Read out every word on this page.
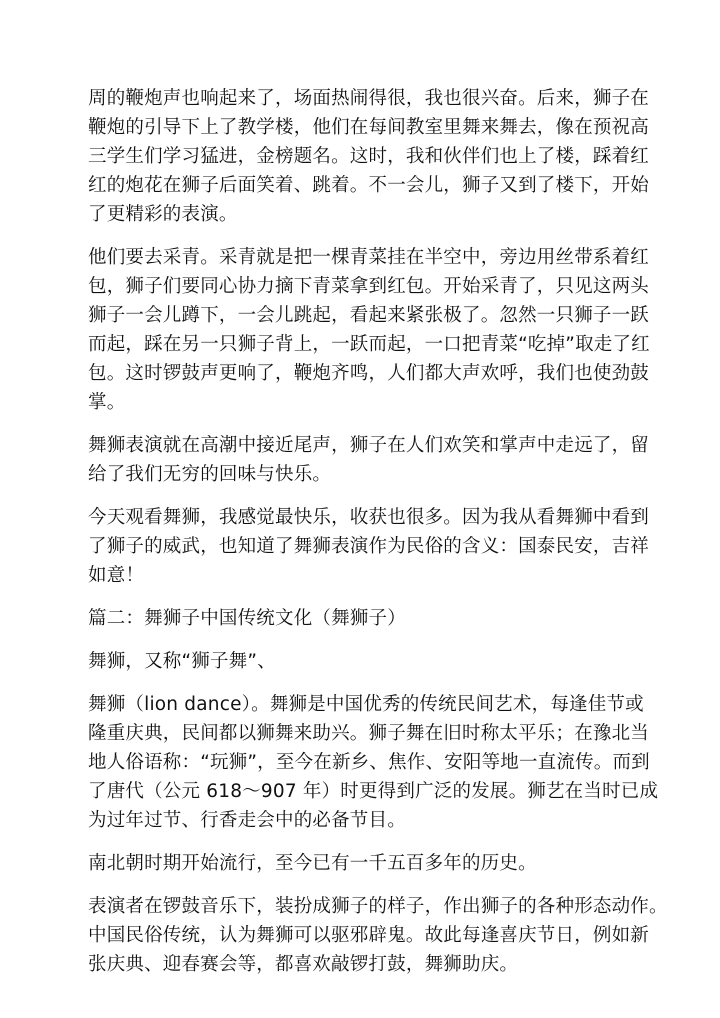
周的鞭炮声也响起来了，场面热闹得很，我也很兴奋。后来，狮子在
鞭炮的引导下上了教学楼，他们在每间教室里舞来舞去，像在预祝高
三学生们学习猛进，金榜题名。这时，我和伙伴们也上了楼，踩着红
红的炮花在狮子后面笑着、跳着。不一会儿，狮子又到了楼下，开始
了更精彩的表演。
他们要去采青。采青就是把一棵青菜挂在半空中，旁边用丝带系着红
包，狮子们要同心协力摘下青菜拿到红包。开始采青了，只见这两头
狮子一会儿蹲下，一会儿跳起，看起来紧张极了。忽然一只狮子一跃
而起，踩在另一只狮子背上，一跃而起，一口把青菜“吃掉”取走了红
包。这时锣鼓声更响了，鞭炮齐鸣，人们都大声欢呼，我们也使劲鼓
掌。
舞狮表演就在高潮中接近尾声，狮子在人们欢笑和掌声中走远了，留
给了我们无穷的回味与快乐。
今天观看舞狮，我感觉最快乐，收获也很多。因为我从看舞狮中看到
了狮子的威武，也知道了舞狮表演作为民俗的含义：国泰民安，吉祥
如意！
篇二：舞狮子中国传统文化（舞狮子）
舞狮，又称“狮子舞”、
舞狮（lion dance）。舞狮是中国优秀的传统民间艺术，每逢佳节或
隆重庆典，民间都以狮舞来助兴。狮子舞在旧时称太平乐；在豫北当
地人俗语称：“玩狮”，至今在新乡、焦作、安阳等地一直流传。而到
了唐代（公元 618～907 年）时更得到广泛的发展。狮艺在当时已成
为过年过节、行香走会中的必备节目。
南北朝时期开始流行，至今已有一千五百多年的历史。
表演者在锣鼓音乐下，装扮成狮子的样子，作出狮子的各种形态动作。
中国民俗传统，认为舞狮可以驱邪辟鬼。故此每逢喜庆节日，例如新
张庆典、迎春赛会等，都喜欢敲锣打鼓，舞狮助庆。
